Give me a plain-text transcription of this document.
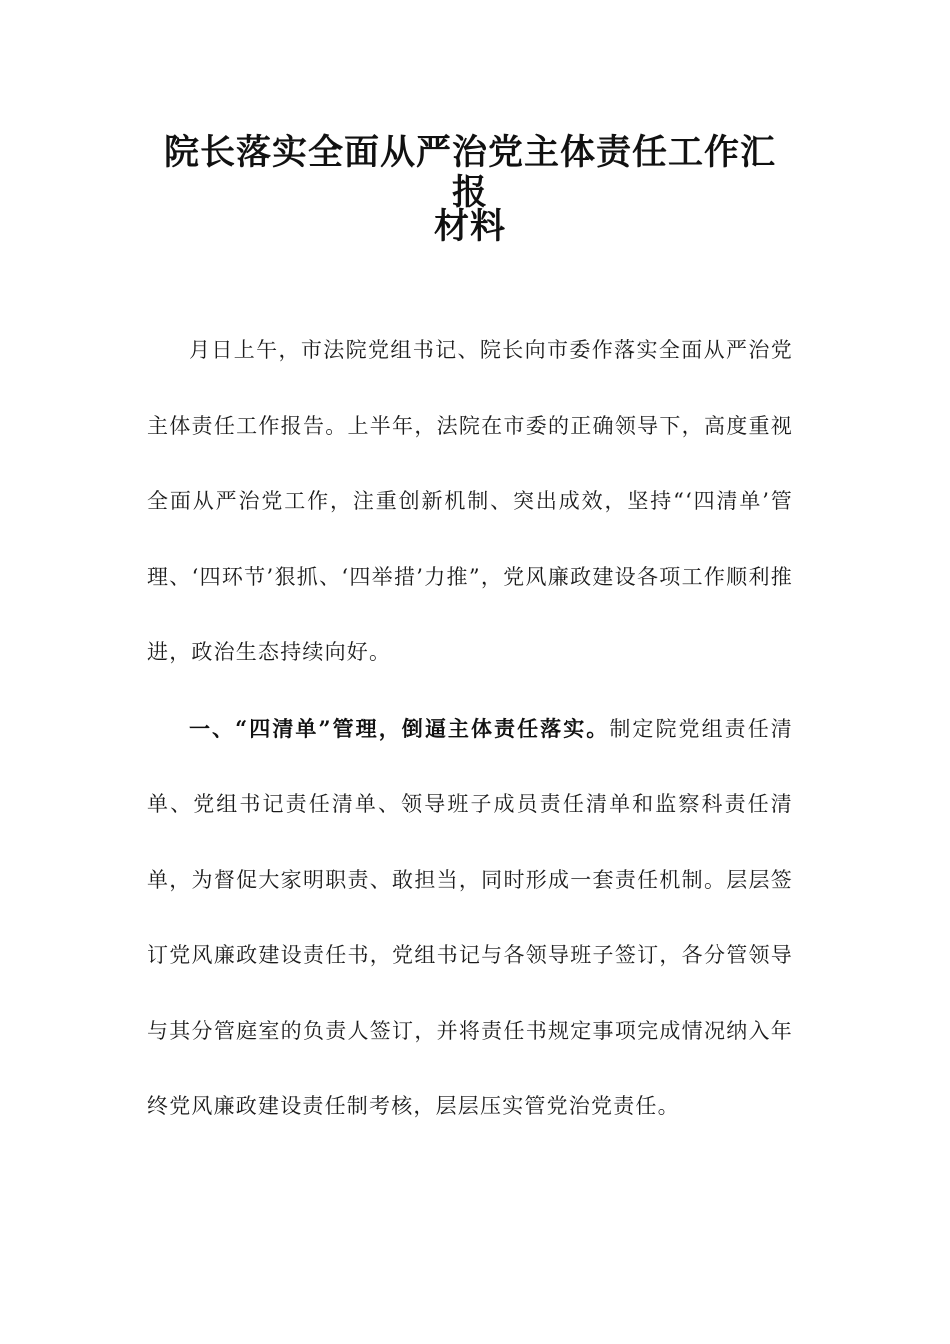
院长落实全面从严治党主体责任工作汇报
材料

月日上午，市法院党组书记、院长向市委作落实全面从严治党主体责任工作报告。上半年，法院在市委的正确领导下，高度重视全面从严治党工作，注重创新机制、突出成效，坚持“‘四清单’管理、‘四环节’狠抓、‘四举措’力推”，党风廉政建设各项工作顺利推进，政治生态持续向好。

一、“四清单”管理，倒逼主体责任落实。制定院党组责任清单、党组书记责任清单、领导班子成员责任清单和监察科责任清单，为督促大家明职责、敢担当，同时形成一套责任机制。层层签订党风廉政建设责任书，党组书记与各领导班子签订，各分管领导与其分管庭室的负责人签订，并将责任书规定事项完成情况纳入年终党风廉政建设责任制考核，层层压实管党治党责任。
